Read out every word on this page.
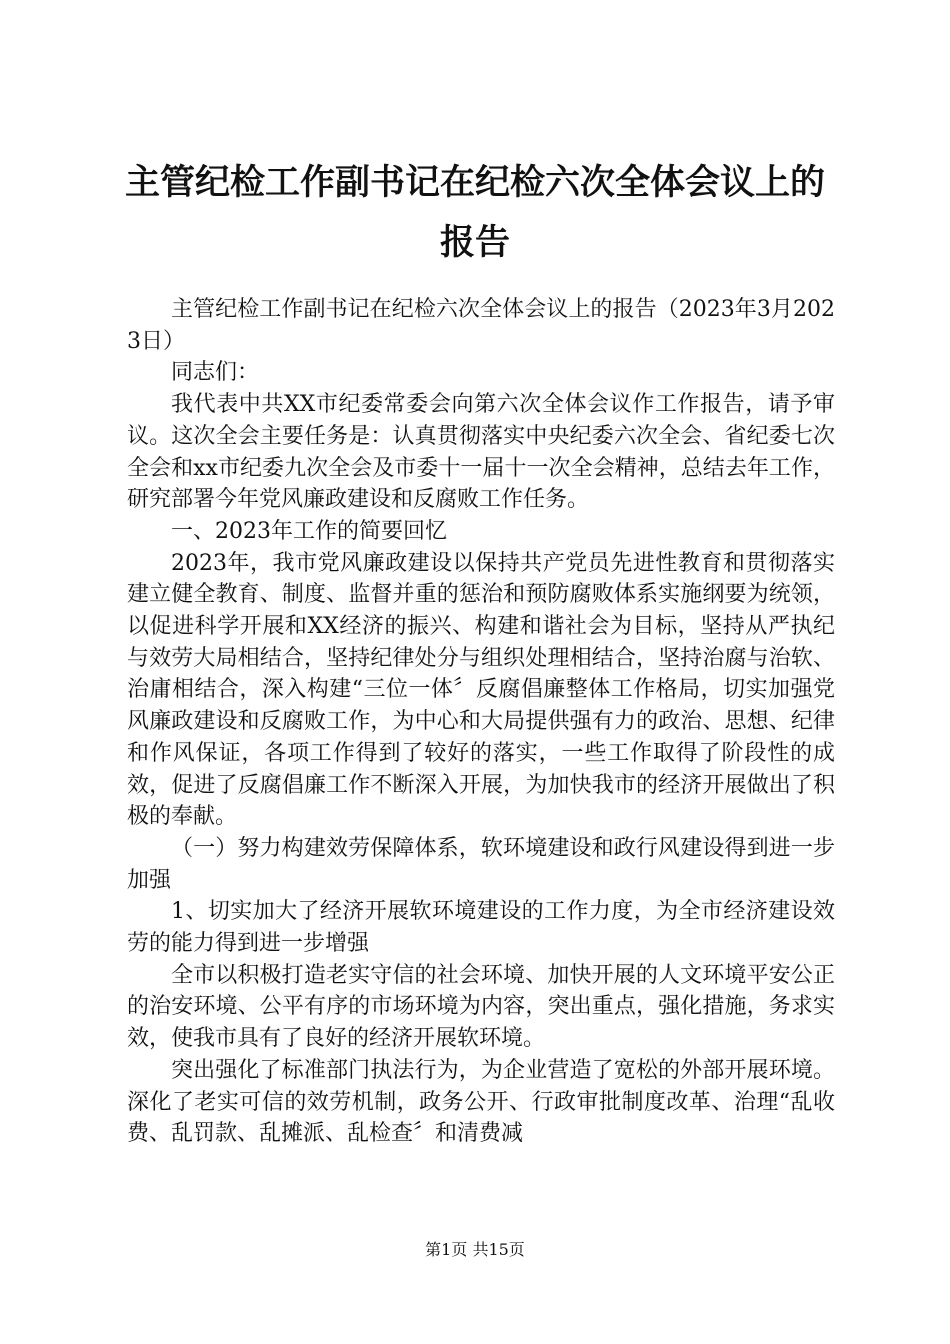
主管纪检工作副书记在纪检六次全体会议上的
报告

主管纪检工作副书记在纪检六次全体会议上的报告（2023年3月2023日）

同志们：

我代表中共XX市纪委常委会向第六次全体会议作工作报告，请予审议。这次全会主要任务是：认真贯彻落实中央纪委六次全会、省纪委七次全会和xx市纪委九次全会及市委十一届十一次全会精神，总结去年工作，研究部署今年党风廉政建设和反腐败工作任务。

一、2023年工作的简要回忆

2023年，我市党风廉政建设以保持共产党员先进性教育和贯彻落实建立健全教育、制度、监督并重的惩治和预防腐败体系实施纲要为统领，以促进科学开展和XX经济的振兴、构建和谐社会为目标，坚持从严执纪与效劳大局相结合，坚持纪律处分与组织处理相结合，坚持治腐与治软、治庸相结合，深入构建“三位一体〞反腐倡廉整体工作格局，切实加强党风廉政建设和反腐败工作，为中心和大局提供强有力的政治、思想、纪律和作风保证，各项工作得到了较好的落实，一些工作取得了阶段性的成效，促进了反腐倡廉工作不断深入开展，为加快我市的经济开展做出了积极的奉献。

（一）努力构建效劳保障体系，软环境建设和政行风建设得到进一步加强

1、切实加大了经济开展软环境建设的工作力度，为全市经济建设效劳的能力得到进一步增强

全市以积极打造老实守信的社会环境、加快开展的人文环境平安公正的治安环境、公平有序的市场环境为内容，突出重点，强化措施，务求实效，使我市具有了良好的经济开展软环境。

突出强化了标准部门执法行为，为企业营造了宽松的外部开展环境。深化了老实可信的效劳机制，政务公开、行政审批制度改革、治理“乱收费、乱罚款、乱摊派、乱检查〞和清费减

第1页 共15页
